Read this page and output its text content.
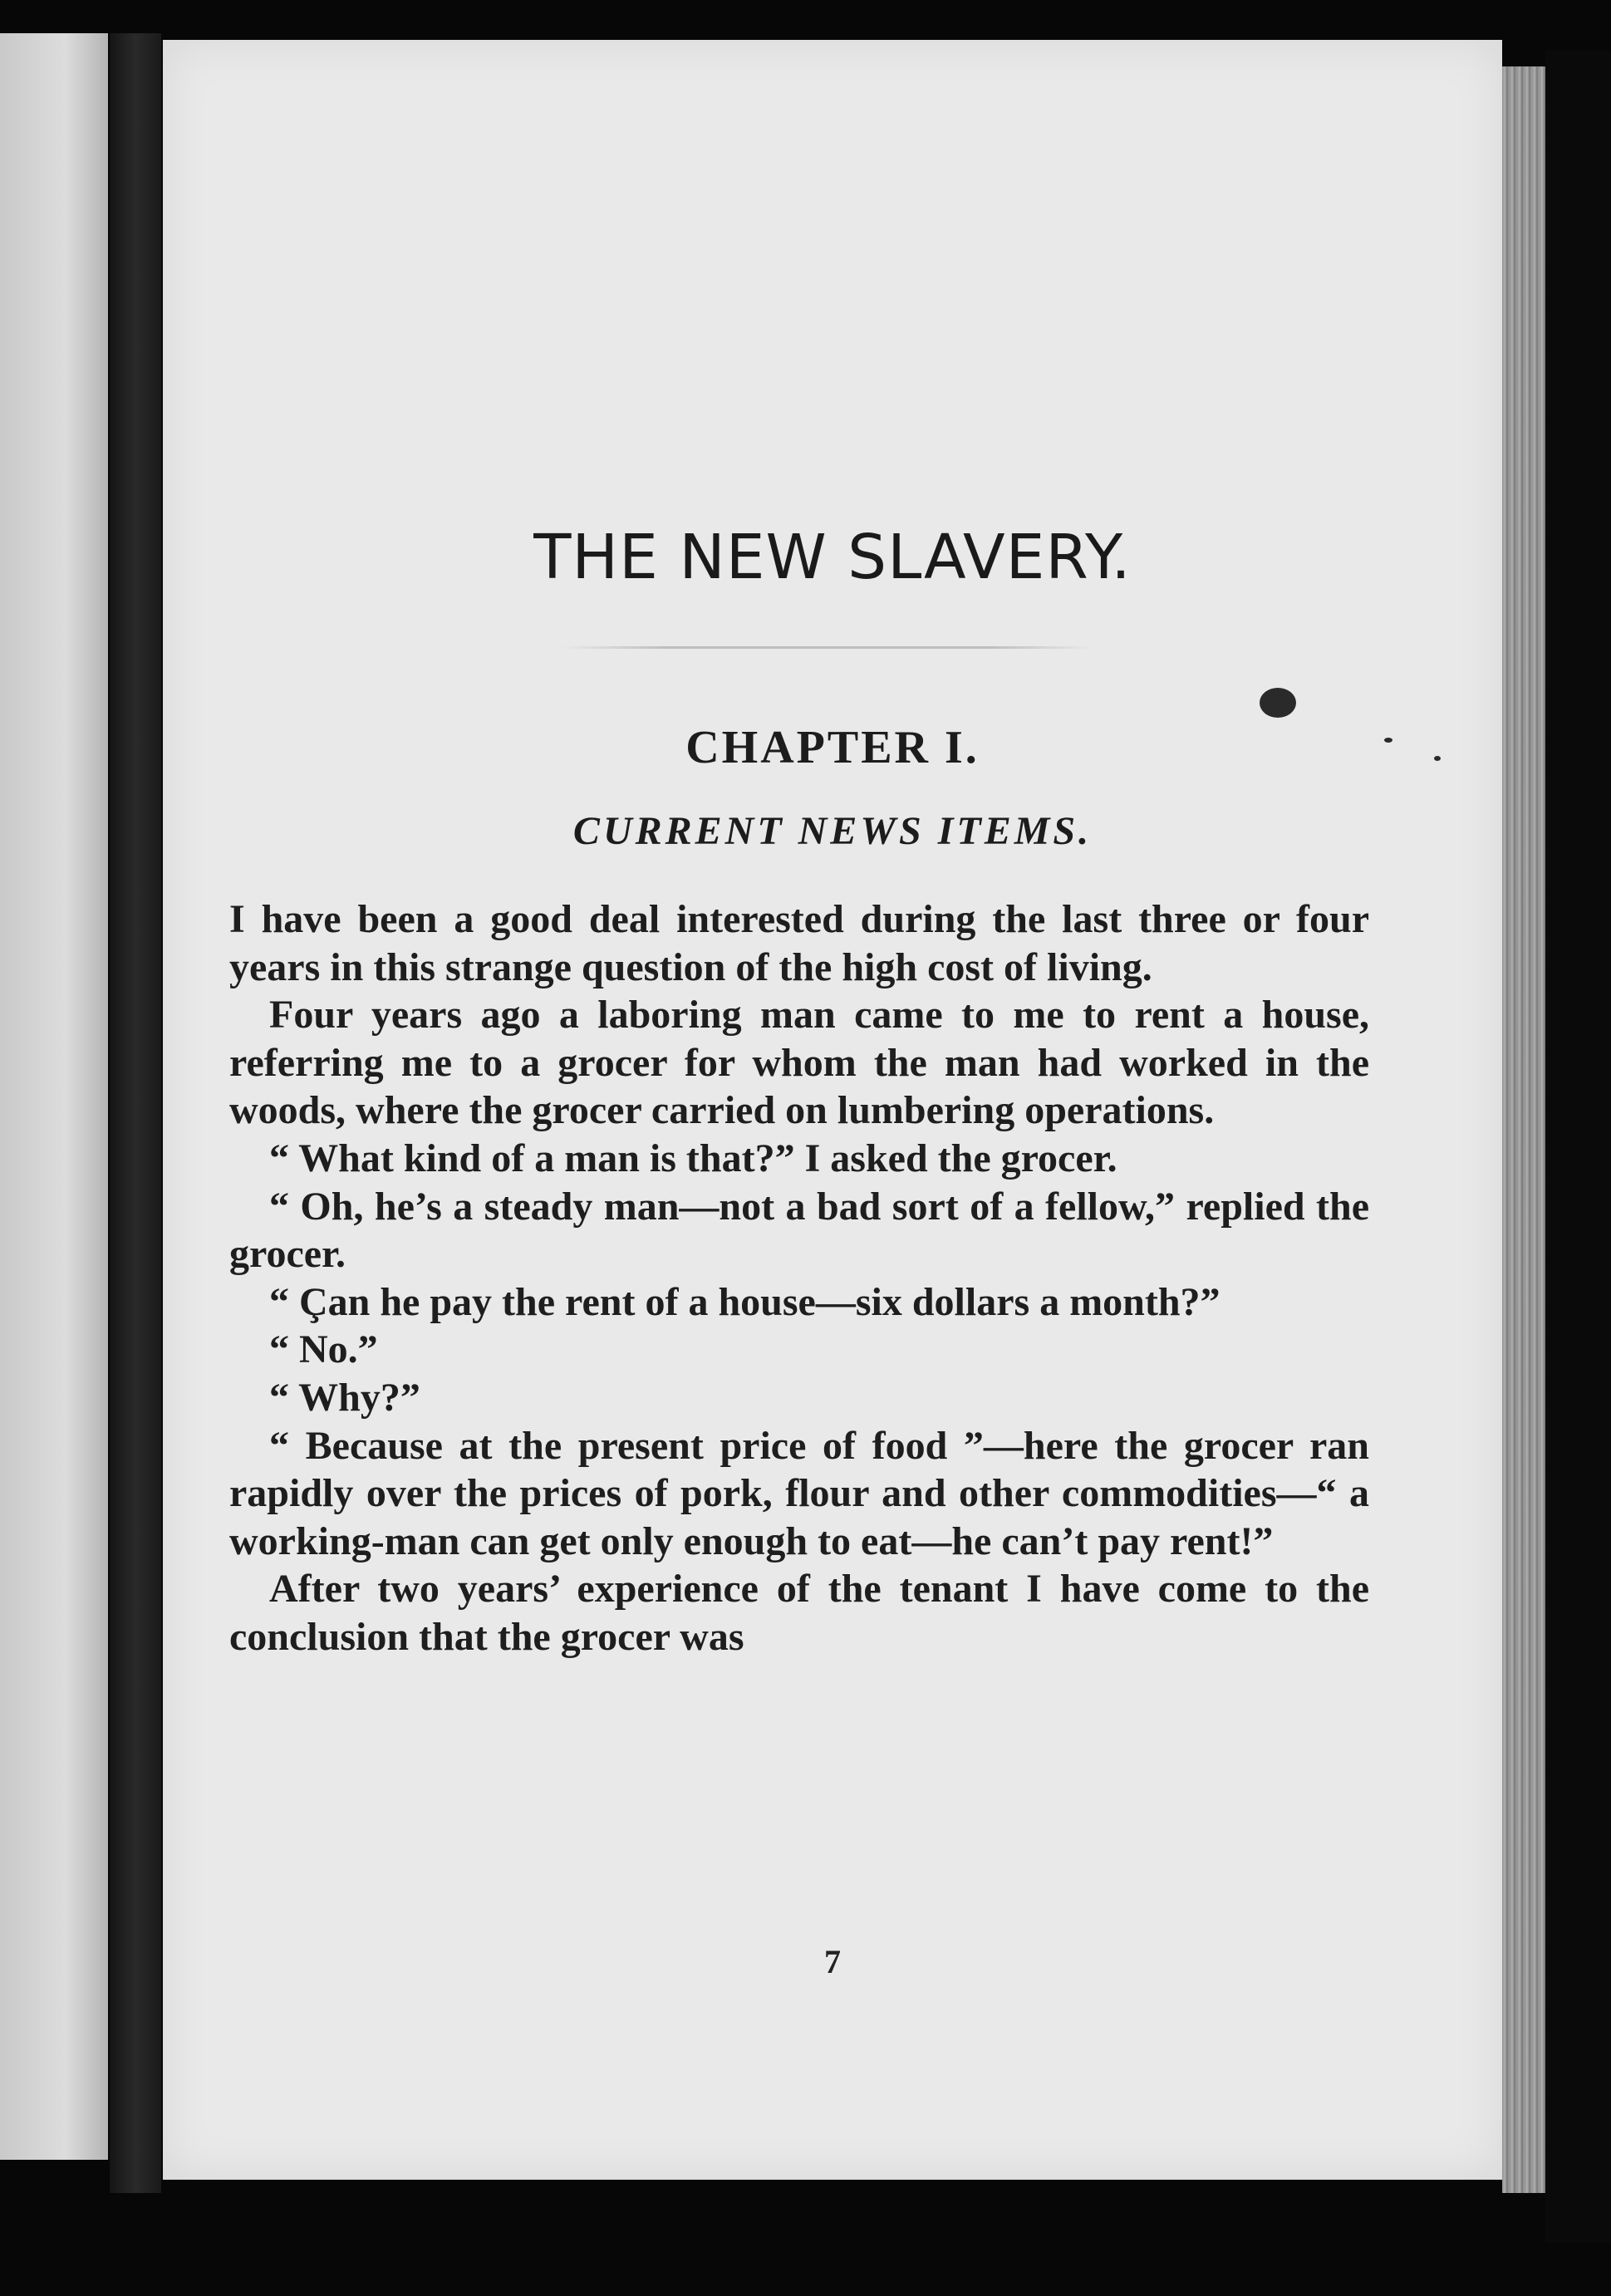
THE NEW SLAVERY.
CHAPTER I.
CURRENT NEWS ITEMS.

I have been a good deal interested during the last three or four years in this strange question of the high cost of living.

Four years ago a laboring man came to me to rent a house, referring me to a grocer for whom the man had worked in the woods, where the grocer carried on lumbering operations.

“ What kind of a man is that?” I asked the grocer.

“ Oh, he’s a steady man—not a bad sort of a fellow,” replied the grocer.

“ Çan he pay the rent of a house—six dollars a month?”

“ No.”

“ Why?”

“ Because at the present price of food ”—here the grocer ran rapidly over the prices of pork, flour and other commodities—“ a working-man can get only enough to eat—he can’t pay rent!”

After two years’ experience of the tenant I have come to the conclusion that the grocer was

7
